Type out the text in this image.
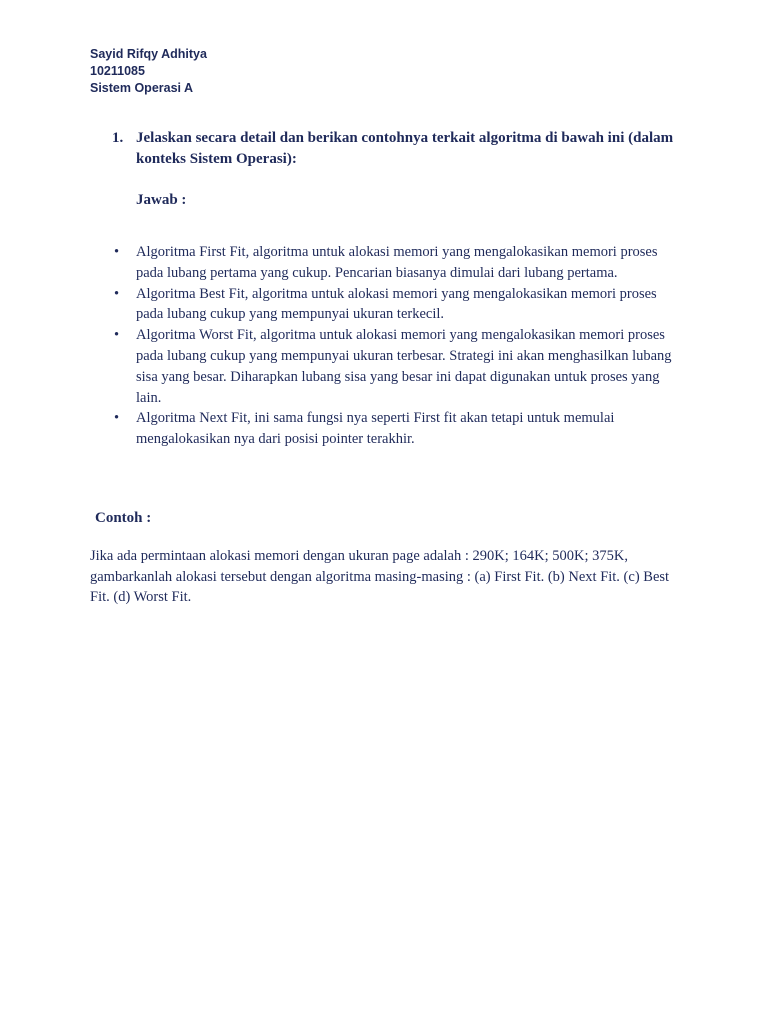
Sayid Rifqy Adhitya
10211085
Sistem Operasi A
1. Jelaskan secara detail dan berikan contohnya terkait algoritma di bawah ini (dalam konteks Sistem Operasi):
Jawab :
• Algoritma First Fit, algoritma untuk alokasi memori yang mengalokasikan memori proses pada lubang pertama yang cukup. Pencarian biasanya dimulai dari lubang pertama.
• Algoritma Best Fit, algoritma untuk alokasi memori yang mengalokasikan memori proses pada lubang cukup yang mempunyai ukuran terkecil.
• Algoritma Worst Fit, algoritma untuk alokasi memori yang mengalokasikan memori proses pada lubang cukup yang mempunyai ukuran terbesar. Strategi ini akan menghasilkan lubang sisa yang besar. Diharapkan lubang sisa yang besar ini dapat digunakan untuk proses yang lain.
• Algoritma Next Fit, ini sama fungsi nya seperti First fit akan tetapi untuk memulai mengalokasikan nya dari posisi pointer terakhir.
Contoh :
Jika ada permintaan alokasi memori dengan ukuran page adalah : 290K; 164K; 500K; 375K, gambarkanlah alokasi tersebut dengan algoritma masing-masing : (a) First Fit. (b) Next Fit. (c) Best Fit. (d) Worst Fit.
